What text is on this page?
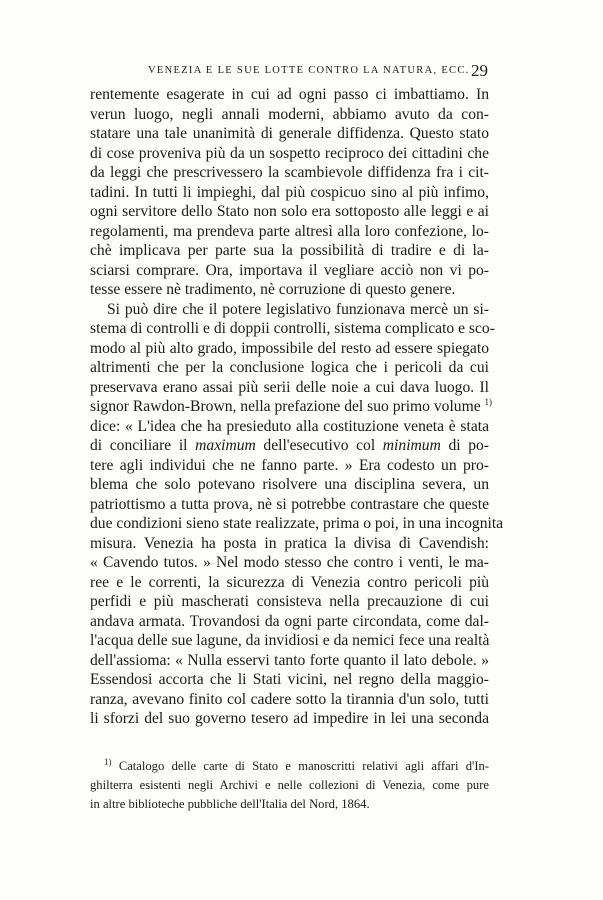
VENEZIA E LE SUE LOTTE CONTRO LA NATURA, ECC. 29
rentemente esagerate in cui ad ogni passo ci imbattiamo. In
verun luogo, negli annali moderni, abbiamo avuto da con-
statare una tale unanimità di generale diffidenza. Questo stato
di cose proveniva più da un sospetto reciproco dei cittadini che
da leggi che prescrivessero la scambievole diffidenza fra i cit-
tadini. In tutti li impieghi, dal più cospicuo sino al più infimo,
ogni servitore dello Stato non solo era sottoposto alle leggi e ai
regolamenti, ma prendeva parte altresì alla loro confezione, lo-
chè implicava per parte sua la possibilità di tradire e di la-
sciarsi comprare. Ora, importava il vegliare acciò non vi po-
tesse essere nè tradimento, nè corruzione di questo genere.
Si può dire che il potere legislativo funzionava mercè un si-
stema di controlli e di doppii controlli, sistema complicato e sco-
modo al più alto grado, impossibile del resto ad essere spiegato
altrimenti che per la conclusione logica che i pericoli da cui
preservava erano assai più serii delle noie a cui dava luogo. Il
signor Rawdon-Brown, nella prefazione del suo primo volume $^{1)}$
dice: « L'idea che ha presieduto alla costituzione veneta è stata
di conciliare il maximum dell'esecutivo col minimum di po-
tere agli individui che ne fanno parte. » Era codesto un pro-
blema che solo potevano risolvere una disciplina severa, un
patriottismo a tutta prova, nè si potrebbe contrastare che queste
due condizioni sieno state realizzate, prima o poi, in una incognita
misura. Venezia ha posta in pratica la divisa di Cavendish:
« Cavendo tutos. » Nel modo stesso che contro i venti, le ma-
ree e le correnti, la sicurezza di Venezia contro pericoli più
perfidi e più mascherati consisteva nella precauzione di cui
andava armata. Trovandosi da ogni parte circondata, come dal-
l'acqua delle sue lagune, da invidiosi e da nemici fece una realtà
dell'assioma: « Nulla esservi tanto forte quanto il lato debole. »
Essendosi accorta che li Stati vicini, nel regno della maggio-
ranza, avevano finito col cadere sotto la tirannia d'un solo, tutti
li sforzi del suo governo tesero ad impedire in lei una seconda
$^{1)}$ Catalogo delle carte di Stato e manoscritti relativi agli affari d'In-
ghilterra esistenti negli Archivi e nelle collezioni di Venezia, come pure
in altre biblioteche pubbliche dell'Italia del Nord, 1864.
